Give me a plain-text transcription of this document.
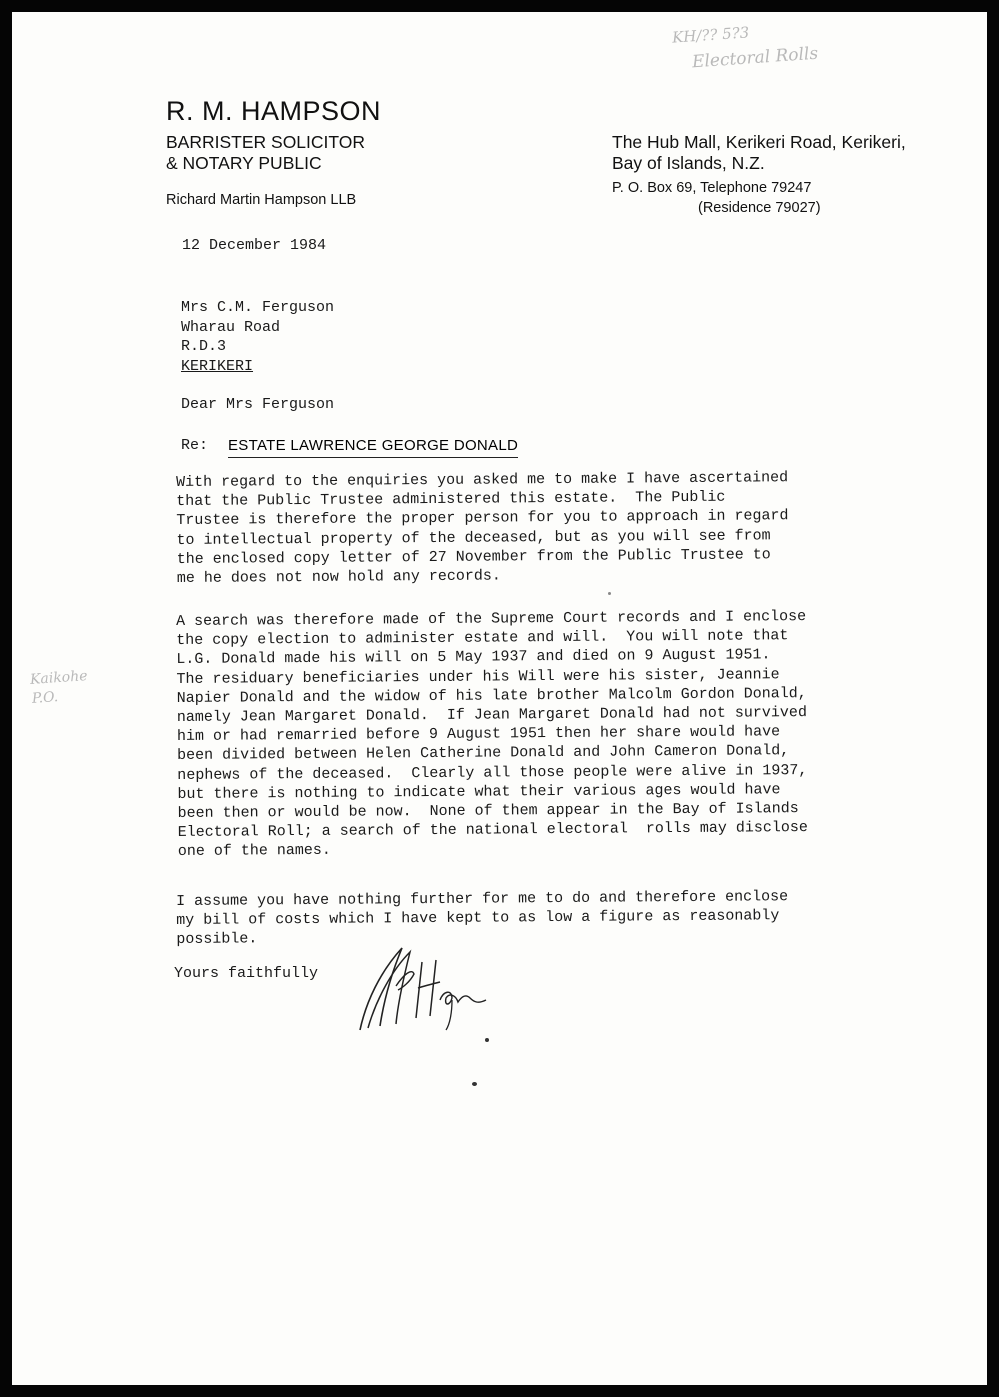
KH/?? 5?3
Electoral Rolls
R. M. HAMPSON
BARRISTER SOLICITOR
& NOTARY PUBLIC
Richard Martin Hampson LLB
The Hub Mall, Kerikeri Road, Kerikeri,
Bay of Islands, N.Z.
P. O. Box 69, Telephone 79247
(Residence 79027)
12 December 1984
Mrs C.M. Ferguson
Wharau Road
R.D.3
KERIKERI
Dear Mrs Ferguson
Re: ESTATE LAWRENCE GEORGE DONALD
With regard to the enquiries you asked me to make I have ascertained
that the Public Trustee administered this estate.  The Public
Trustee is therefore the proper person for you to approach in regard
to intellectual property of the deceased, but as you will see from
the enclosed copy letter of 27 November from the Public Trustee to
me he does not now hold any records.
Kaikohe
P.O.
A search was therefore made of the Supreme Court records and I enclose
the copy election to administer estate and will.  You will note that
L.G. Donald made his will on 5 May 1937 and died on 9 August 1951.
The residuary beneficiaries under his Will were his sister, Jeannie
Napier Donald and the widow of his late brother Malcolm Gordon Donald,
namely Jean Margaret Donald.  If Jean Margaret Donald had not survived
him or had remarried before 9 August 1951 then her share would have
been divided between Helen Catherine Donald and John Cameron Donald,
nephews of the deceased.  Clearly all those people were alive in 1937,
but there is nothing to indicate what their various ages would have
been then or would be now.  None of them appear in the Bay of Islands
Electoral Roll; a search of the national electoral  rolls may disclose
one of the names.
I assume you have nothing further for me to do and therefore enclose
my bill of costs which I have kept to as low a figure as reasonably
possible.
Yours faithfully
